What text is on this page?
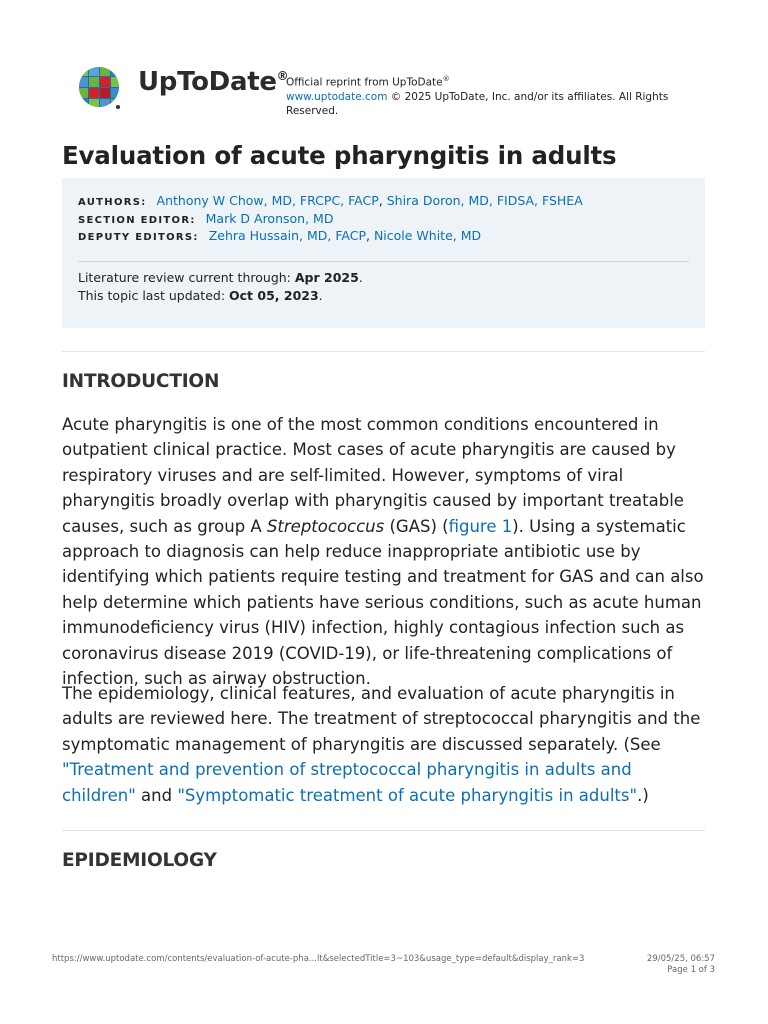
UpToDate®
Official reprint from UpToDate®
www.uptodate.com © 2025 UpToDate, Inc. and/or its affiliates. All Rights Reserved.
Evaluation of acute pharyngitis in adults
AUTHORS: Anthony W Chow, MD, FRCPC, FACP, Shira Doron, MD, FIDSA, FSHEA
SECTION EDITOR: Mark D Aronson, MD
DEPUTY EDITORS: Zehra Hussain, MD, FACP, Nicole White, MD
Literature review current through: Apr 2025.
This topic last updated: Oct 05, 2023.
INTRODUCTION

Acute pharyngitis is one of the most common conditions encountered in outpatient clinical practice. Most cases of acute pharyngitis are caused by respiratory viruses and are self-limited. However, symptoms of viral pharyngitis broadly overlap with pharyngitis caused by important treatable causes, such as group A Streptococcus (GAS) (figure 1). Using a systematic approach to diagnosis can help reduce inappropriate antibiotic use by identifying which patients require testing and treatment for GAS and can also help determine which patients have serious conditions, such as acute human immunodeficiency virus (HIV) infection, highly contagious infection such as coronavirus disease 2019 (COVID-19), or life-threatening complications of infection, such as airway obstruction.

The epidemiology, clinical features, and evaluation of acute pharyngitis in adults are reviewed here. The treatment of streptococcal pharyngitis and the symptomatic management of pharyngitis are discussed separately. (See "Treatment and prevention of streptococcal pharyngitis in adults and children" and "Symptomatic treatment of acute pharyngitis in adults".)

EPIDEMIOLOGY
https://www.uptodate.com/contents/evaluation-of-acute-pha...lt&selectedTitle=3~103&usage_type=default&display_rank=3	29/05/25, 06:57
Page 1 of 3
